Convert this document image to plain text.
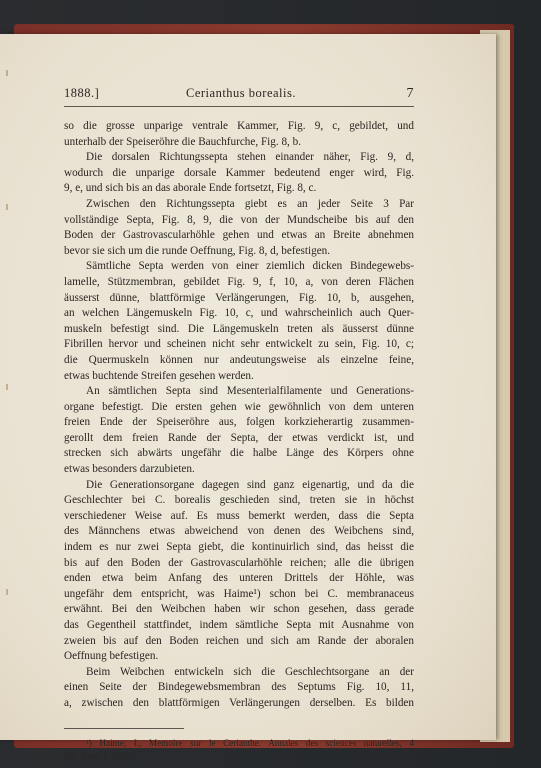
1888.]	Cerianthus borealis.	7

so die grosse unparige ventrale Kammer, Fig. 9, c, gebildet, und

unterhalb der Speiseröhre die Bauchfurche, Fig. 8, b.

Die dorsalen Richtungssepta stehen einander näher, Fig. 9, d,

wodurch die unparige dorsale Kammer bedeutend enger wird, Fig.

9, e, und sich bis an das aborale Ende fortsetzt, Fig. 8, c.

Zwischen den Richtungssepta giebt es an jeder Seite 3 Par

vollständige Septa, Fig. 8, 9, die von der Mundscheibe bis auf den

Boden der Gastrovascularhöhle gehen und etwas an Breite abnehmen

bevor sie sich um die runde Oeffnung, Fig. 8, d, befestigen.

Sämtliche Septa werden von einer ziemlich dicken Bindegewebs-

lamelle, Stützmembran, gebildet Fig. 9, f, 10, a, von deren Flächen

äusserst dünne, blattförmige Verlängerungen, Fig. 10, b, ausgehen,

an welchen Längemuskeln Fig. 10, c, und wahrscheinlich auch Quer-

muskeln befestigt sind. Die Längemuskeln treten als äusserst dünne

Fibrillen hervor und scheinen nicht sehr entwickelt zu sein, Fig. 10, c;

die Quermuskeln können nur andeutungsweise als einzelne feine,

etwas buchtende Streifen gesehen werden.

An sämtlichen Septa sind Mesenterialfilamente und Generations-

organe befestigt. Die ersten gehen wie gewöhnlich von dem unteren

freien Ende der Speiseröhre aus, folgen korkzieherartig zusammen-

gerollt dem freien Rande der Septa, der etwas verdickt ist, und

strecken sich abwärts ungefähr die halbe Länge des Körpers ohne

etwas besonders darzubieten.

Die Generationsorgane dagegen sind ganz eigenartig, und da die

Geschlechter bei C. borealis geschieden sind, treten sie in höchst

verschiedener Weise auf. Es muss bemerkt werden, dass die Septa

des Männchens etwas abweichend von denen des Weibchens sind,

indem es nur zwei Septa giebt, die kontinuirlich sind, das heisst die

bis auf den Boden der Gastrovascularhöhle reichen; alle die übrigen

enden etwa beim Anfang des unteren Drittels der Höhle, was

ungefähr dem entspricht, was Haime¹) schon bei C. membranaceus

erwähnt. Bei den Weibchen haben wir schon gesehen, dass gerade

das Gegentheil stattfindet, indem sämtliche Septa mit Ausnahme von

zweien bis auf den Boden reichen und sich am Rande der aboralen

Oeffnung befestigen.

Beim Weibchen entwickeln sich die Geschlechtsorgane an der

einen Seite der Bindegewebsmembran des Septums Fig. 10, 11,

a, zwischen den blattförmigen Verlängerungen derselben. Es bilden

¹) Haime, I., Memoire sur le Cerianthe. Annales des sciences naturelles, 4

Ser. Tome I. 1854.
